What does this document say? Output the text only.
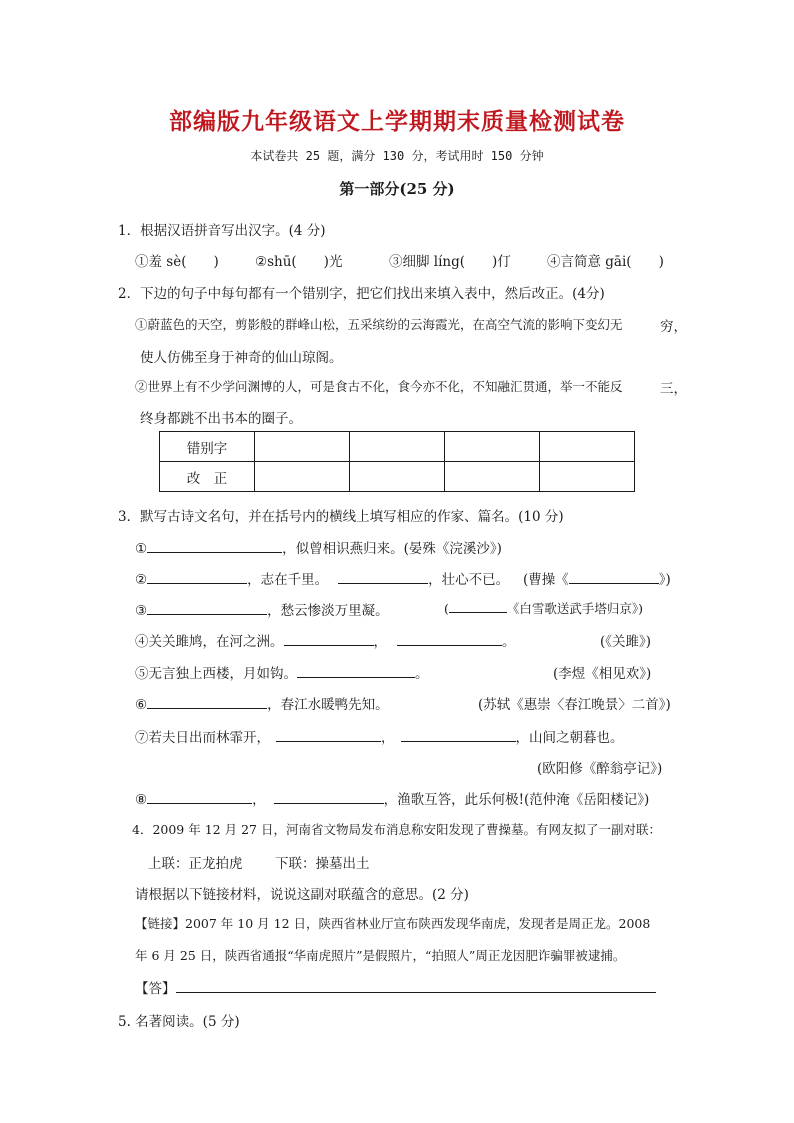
部编版九年级语文上学期期末质量检测试卷
本试卷共 25 题，满分 130 分，考试用时 150 分钟
第一部分(25 分)
1．根据汉语拼音写出汉字。(4 分)
①羞 sè(　　)	②shū(　　)光	③细脚 líng(　　)仃	④言简意 gāi(　　)
2．下边的句子中每句都有一个错别字，把它们找出来填入表中，然后改正。(4分)
①蔚蓝色的天空，剪影般的群峰山松，五采缤纷的云海霞光，在高空气流的影响下变幻无	穷，
使人仿佛至身于神奇的仙山琼阁。
②世界上有不少学问渊博的人，可是食古不化，食今亦不化，不知融汇贯通，举一不能反	三，
终身都跳不出书本的圈子。
错别字				
改　正				
3．默写古诗文名句，并在括号内的横线上填写相应的作家、篇名。(10 分)
①	，似曾相识燕归来。(晏殊《浣溪沙》)
②	，志在千里。	，壮心不已。 (曹操《	》)
③	，愁云惨淡万里凝。	(	《白雪歌送武手塔归京》)
④关关雎鸠，在河之洲。	，	。	(《关雎》)
⑤无言独上西楼，月如钩。	。	(李煜《相见欢》)
⑥	，春江水暖鸭先知。	(苏轼《惠崇〈春江晚景〉二首》)
⑦若夫日出而林霏开，	，	，山间之朝暮也。
(欧阳修《醉翁亭记》)
⑧	，	，渔歌互答，此乐何极!(范仲淹《岳阳楼记》)
4．2009 年 12 月 27 日，河南省文物局发布消息称安阳发现了曹操墓。有网友拟了一副对联：
上联：正龙拍虎 下联：操墓出土
请根据以下链接材料，说说这副对联蕴含的意思。(2 分)
【链接】2007 年 10 月 12 日，陕西省林业厅宣布陕西发现华南虎，发现者是周正龙。2008
年 6 月 25 日，陕西省通报“华南虎照片”是假照片，“拍照人”周正龙因肥诈骗罪被逮捕。
【答】
5. 名著阅读。(5 分)
